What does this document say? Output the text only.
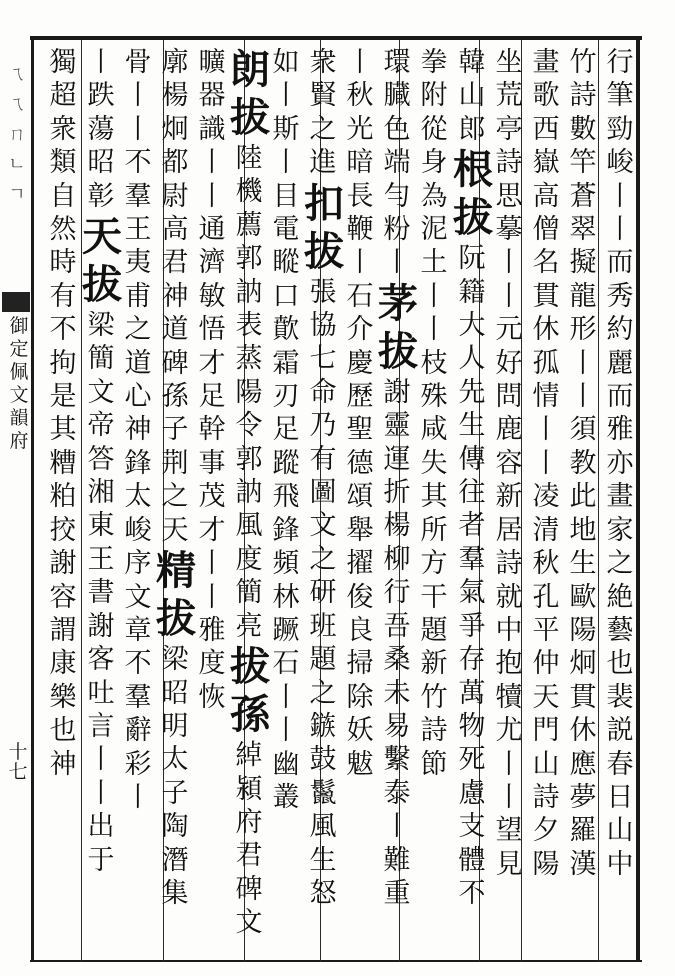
ㄟ
ㄟ
ㄇ
ㄴ
ㄱ
御
定
佩
文
韻
府
十
七
行
筆
勁
峻
丨
丨
而
秀
約
麗
而
雅
亦
畫
家
之
絶
藝
也
裴
説
春
日
山
中
竹
詩
數
竿
蒼
翠
擬
龍
形
丨
丨
須
教
此
地
生
歐
陽
炯
貫
休
應
夢
羅
漢
畫
歌
西
嶽
高
僧
名
貫
休
孤
情
丨
丨
凌
清
秋
孔
平
仲
天
門
山
詩
夕
陽
坐
荒
亭
詩
思
摹
丨
丨
元
好
問
鹿
容
新
居
詩
就
中
抱
犢
尤
丨
丨
望
見
韓
山
郎
根
拔
阮
籍
大
人
先
生
傳
往
者
羣
氣
爭
存
萬
物
死
慮
支
體
不
拳
附
從
身
為
泥
土
丨
丨
枝
殊
咸
失
其
所
方
干
題
新
竹
詩
節
環
臓
色
端
勻
粉
丨
茅
拔
謝
靈
運
折
楊
柳
行
吾
桑
未
易
繫
泰
丨
難
重
丨
秋
光
暗
長
鞭
丨
石
介
慶
歷
聖
德
頌
舉
擢
俊
良
掃
除
妖
魃
衆
賢
之
進
扣
拔
張
協
七
命
乃
有
圖
文
之
研
班
題
之
鏃
鼓
鬣
風
生
怒
如
丨
斯
丨
目
電
瞛
口
歕
霜
刃
足
蹤
飛
鋒
頻
林
蹶
石
丨
丨
幽
叢
朗
拔
陸
機
薦
郭
訥
表
蒸
陽
令
郭
訥
風
度
簡
亮
拔
孫
綽
潁
府
君
碑
文
曠
器
識
丨
丨
通
濟
敏
悟
才
足
幹
事
茂
才
丨
丨
雅
度
恢
廓
楊
炯
都
尉
高
君
神
道
碑
孫
子
荆
之
天
精
拔
梁
昭
明
太
子
陶
潛
集
骨
丨
丨
不
羣
王
夷
甫
之
道
心
神
鋒
太
峻
序
文
章
不
羣
辭
彩
丨
丨
跌
蕩
昭
彰
天
拔
梁
簡
文
帝
答
湘
東
王
書
謝
客
吐
言
丨
丨
出
于
獨
超
衆
類
自
然
時
有
不
拘
是
其
糟
粕
挍
謝
容
謂
康
樂
也
神
